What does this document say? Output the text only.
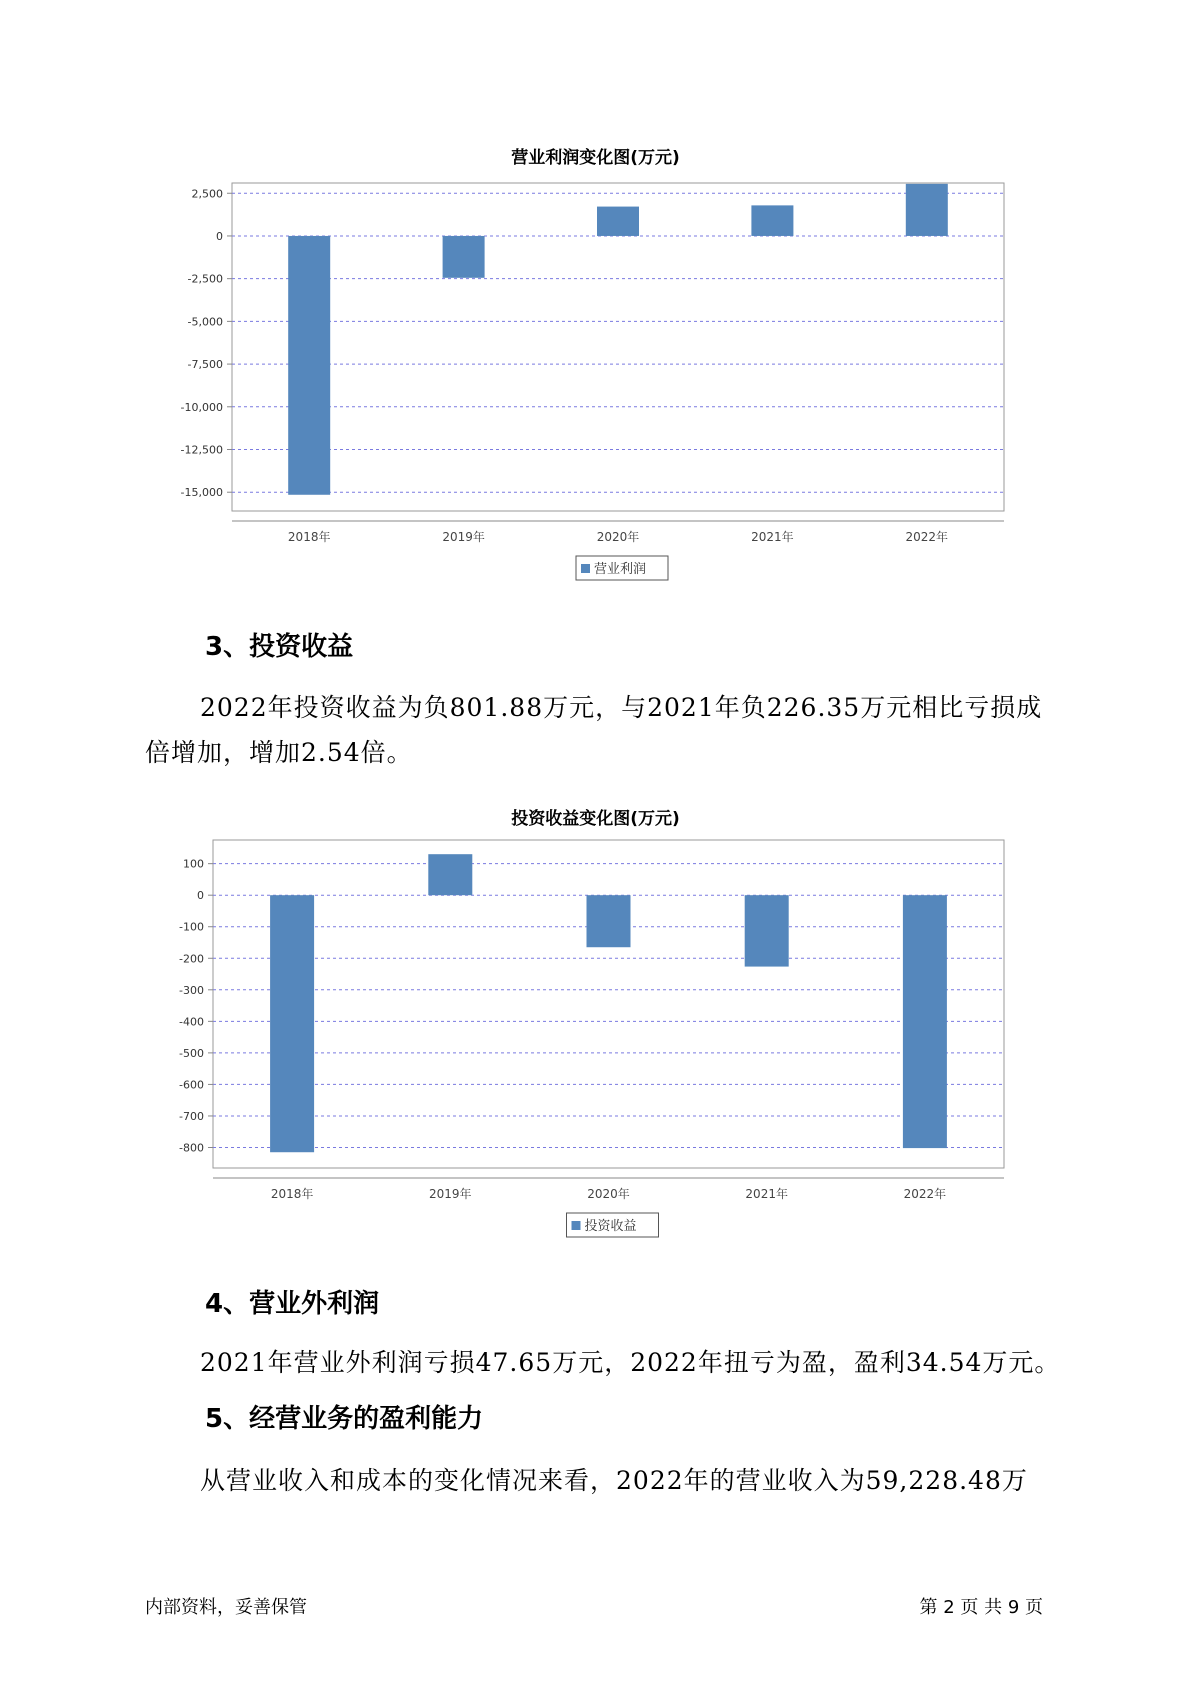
营业利润变化图(万元)
2,500
0
-2,500
-5,000
-7,500
-10,000
-12,500
-15,000
2018年	2019年	2020年	2021年	2022年
营业利润
3、投资收益
2022年投资收益为负801.88万元，与2021年负226.35万元相比亏损成
倍增加，增加2.54倍。
投资收益变化图(万元)
100
0
-100
-200
-300
-400
-500
-600
-700
-800
2018年	2019年	2020年	2021年	2022年
投资收益
4、营业外利润
2021年营业外利润亏损47.65万元，2022年扭亏为盈，盈利34.54万元。
5、经营业务的盈利能力
从营业收入和成本的变化情况来看，2022年的营业收入为59,228.48万
内部资料，妥善保管	第 2 页 共 9 页
